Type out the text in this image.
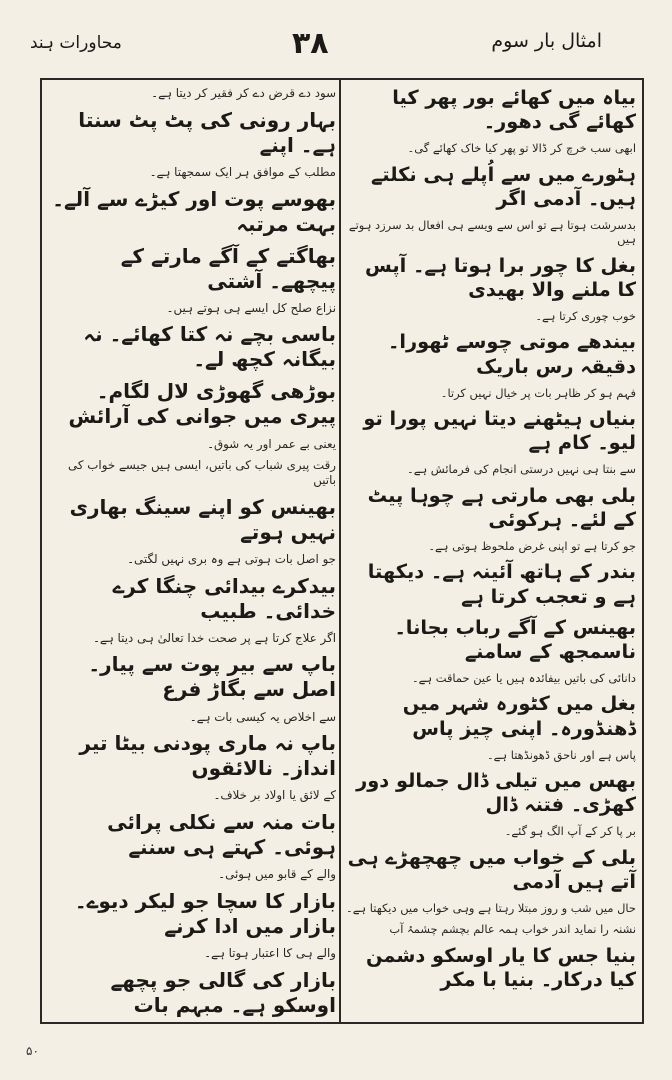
محاورات ہند	۳۸	امثال بار سوم
بیاہ میں کھائے بور پھر کیا کھائے گی دھور۔
ابھی سب خرچ کر ڈالا تو پھر کیا خاک کھائے گی۔
ہٹورے میں سے اُپلے ہی نکلتے ہیں۔ آدمی اگر
بدسرشت ہوتا ہے تو اس سے ویسے ہی افعال بد سرزد ہوتے ہیں
بغل کا چور برا ہوتا ہے۔ آپس کا ملنے والا بھیدی
خوب چوری کرتا ہے۔
بیندھے موتی چوسے ٹھورا۔ دقیقہ رس باریک
فہم ہو کر ظاہر بات پر خیال نہیں کرتا۔
بنیاں ہیٹھنے دیتا نہیں پورا تو لیو۔ کام ہے
سے بنتا ہی نہیں درستی انجام کی فرمائش ہے۔
بلی بھی مارتی ہے چوہا پیٹ کے لئے۔ ہرکوئی
جو کرتا ہے تو اپنی غرض ملحوظ ہوتی ہے۔
بندر کے ہاتھ آئینہ ہے۔ دیکھتا ہے و تعجب کرتا ہے
بھینس کے آگے رباب بجانا۔ ناسمجھ کے سامنے
دانائی کی باتیں بیفائدہ ہیں یا عین حماقت ہے۔
بغل میں کٹورہ شہر میں ڈھنڈورہ۔ اپنی چیز پاس
پاس ہے اور ناحق ڈھونڈھتا ہے۔
بھس میں تیلی ڈال جمالو دور کھڑی۔ فتنہ ڈال
بر پا کر کے آپ الگ ہو گئے۔
بلی کے خواب میں چھچھڑے ہی آتے ہیں آدمی
حال میں شب و روز مبتلا رہتا ہے وہی خواب میں دیکھتا ہے۔
نشنہ را نماید اندر خواب ہمہ عالم بچشم چشمۂ آب
بنیا جس کا یار اوسکو دشمن کیا درکار۔ بنیا با مکر
سود دے قرض دے کر فقیر کر دیتا ہے۔
بہار رونی کی پٹ پٹ سنتا ہے۔ اپنے
مطلب کے موافق ہر ایک سمجھتا ہے۔
بھوسے پوت اور کیڑے سے آلے۔ بہت مرتبہ
بھاگتے کے آگے مارتے کے پیچھے۔ آشتی
نزاع صلح کل ایسے ہی ہوتے ہیں۔
باسی بچے نہ کتا کھائے۔ نہ بیگانہ کچھ لے۔
بوڑھی گھوڑی لال لگام۔ پیری میں جوانی کی آرائش
یعنی بے عمر اور یہ شوق۔
رقت پیری شباب کی باتیں، ایسی ہیں جیسے خواب کی باتیں
بھینس کو اپنے سینگ بھاری نہیں ہوتے
جو اصل بات ہوتی ہے وہ بری نہیں لگتی۔
بیدکرے بیدائی چنگا کرے خدائی۔ طبیب
اگر علاج کرتا ہے پر صحت خدا تعالیٰ ہی دیتا ہے۔
باپ سے بیر پوت سے پیار۔ اصل سے بگاڑ فرع
سے اخلاص یہ کیسی بات ہے۔
باپ نہ ماری پودنی بیٹا تیر انداز۔ نالائقوں
کے لائق یا اولاد بر خلاف۔
بات منہ سے نکلی پرائی ہوئی۔ کہتے ہی سننے
والے کے قابو میں ہوئی۔
بازار کا سچا جو لیکر دیوے۔ بازار میں ادا کرنے
والے ہی کا اعتبار ہوتا ہے۔
بازار کی گالی جو پچھے اوسکو ہے۔ مبہم بات
۵۰
